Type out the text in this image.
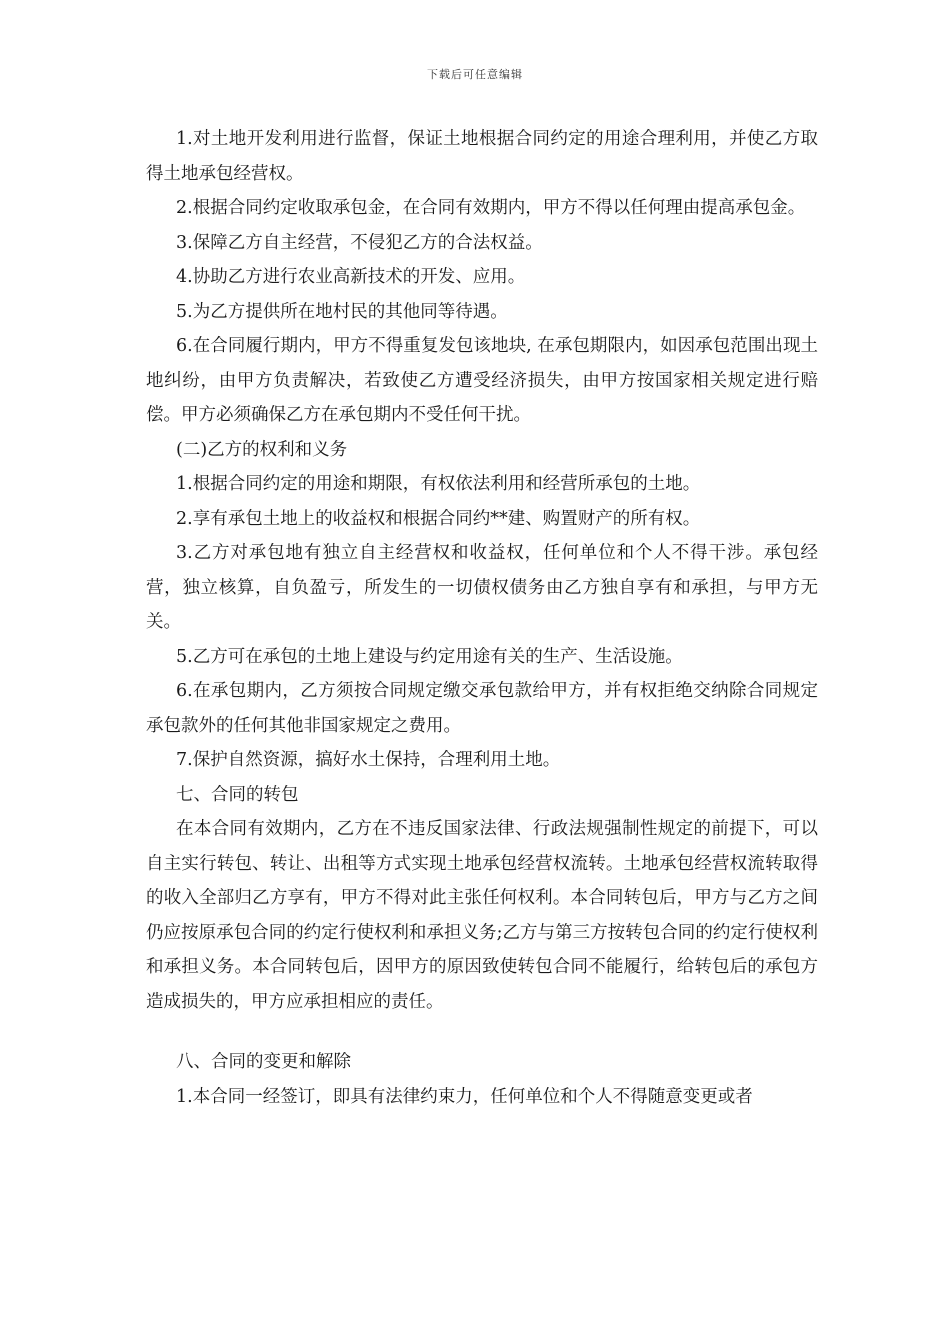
下载后可任意编辑

1.对土地开发利用进行监督，保证土地根据合同约定的用途合理利用，并使乙方取得土地承包经营权。

2.根据合同约定收取承包金，在合同有效期内，甲方不得以任何理由提高承包金。

3.保障乙方自主经营，不侵犯乙方的合法权益。

4.协助乙方进行农业高新技术的开发、应用。

5.为乙方提供所在地村民的其他同等待遇。

6.在合同履行期内，甲方不得重复发包该地块, 在承包期限内，如因承包范围出现土地纠纷，由甲方负责解决，若致使乙方遭受经济损失，由甲方按国家相关规定进行赔偿。甲方必须确保乙方在承包期内不受任何干扰。

(二)乙方的权利和义务

1.根据合同约定的用途和期限，有权依法利用和经营所承包的土地。

2.享有承包土地上的收益权和根据合同约**建、购置财产的所有权。

3.乙方对承包地有独立自主经营权和收益权，任何单位和个人不得干涉。承包经营，独立核算，自负盈亏，所发生的一切债权债务由乙方独自享有和承担，与甲方无关。

5.乙方可在承包的土地上建设与约定用途有关的生产、生活设施。

6.在承包期内，乙方须按合同规定缴交承包款给甲方，并有权拒绝交纳除合同规定承包款外的任何其他非国家规定之费用。

7.保护自然资源，搞好水土保持，合理利用土地。

七、合同的转包

在本合同有效期内，乙方在不违反国家法律、行政法规强制性规定的前提下，可以自主实行转包、转让、出租等方式实现土地承包经营权流转。土地承包经营权流转取得的收入全部归乙方享有，甲方不得对此主张任何权利。本合同转包后，甲方与乙方之间仍应按原承包合同的约定行使权利和承担义务;乙方与第三方按转包合同的约定行使权利和承担义务。本合同转包后，因甲方的原因致使转包合同不能履行，给转包后的承包方造成损失的，甲方应承担相应的责任。

八、合同的变更和解除

1.本合同一经签订，即具有法律约束力，任何单位和个人不得随意变更或者
